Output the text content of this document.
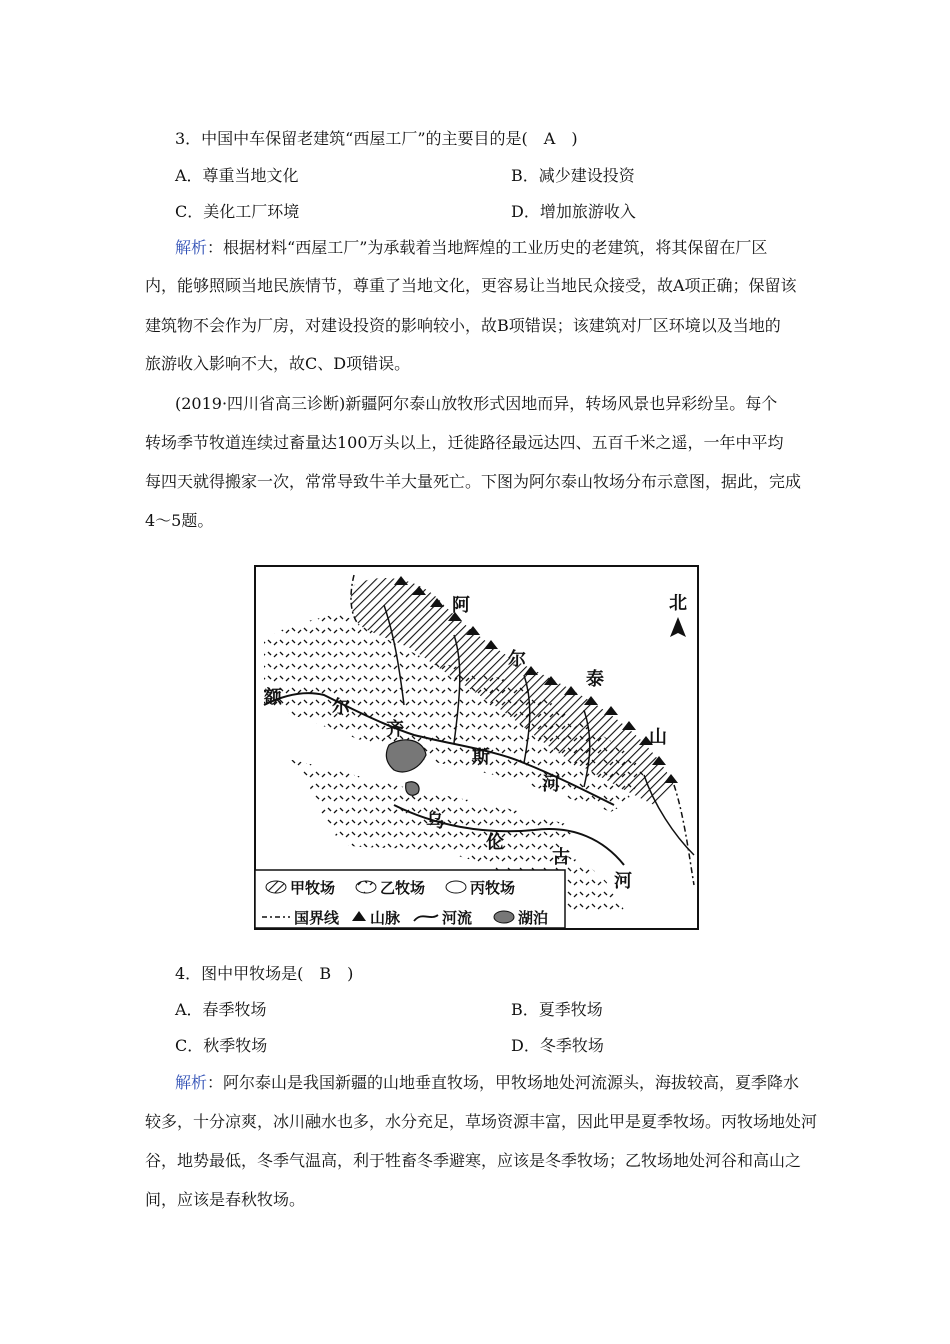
3．中国中车保留老建筑“西屋工厂”的主要目的是(　A　)
A．尊重当地文化	B．减少建设投资
C．美化工厂环境	D．增加旅游收入
解析：根据材料“西屋工厂”为承载着当地辉煌的工业历史的老建筑，将其保留在厂区
内，能够照顾当地民族情节，尊重了当地文化，更容易让当地民众接受，故A项正确；保留该
建筑物不会作为厂房，对建设投资的影响较小，故B项错误；该建筑对厂区环境以及当地的
旅游收入影响不大，故C、D项错误。
(2019·四川省高三诊断)新疆阿尔泰山放牧形式因地而异，转场风景也异彩纷呈。每个
转场季节牧道连续过畜量达100万头以上，迁徙路径最远达四、五百千米之遥，一年中平均
每四天就得搬家一次，常常导致牛羊大量死亡。下图为阿尔泰山牧场分布示意图，据此，完成
4～5题。
北
阿
尔
泰
山
额	尔
齐
斯
河
乌
伦
古
河
甲牧场	乙牧场	丙牧场
国界线 山脉	河流	湖泊
4．图中甲牧场是(　B　)
A．春季牧场	B．夏季牧场
C．秋季牧场	D．冬季牧场
解析：阿尔泰山是我国新疆的山地垂直牧场，甲牧场地处河流源头，海拔较高，夏季降水
较多，十分凉爽，冰川融水也多，水分充足，草场资源丰富，因此甲是夏季牧场。丙牧场地处河
谷，地势最低，冬季气温高，利于牲畜冬季避寒，应该是冬季牧场；乙牧场地处河谷和高山之
间，应该是春秋牧场。
